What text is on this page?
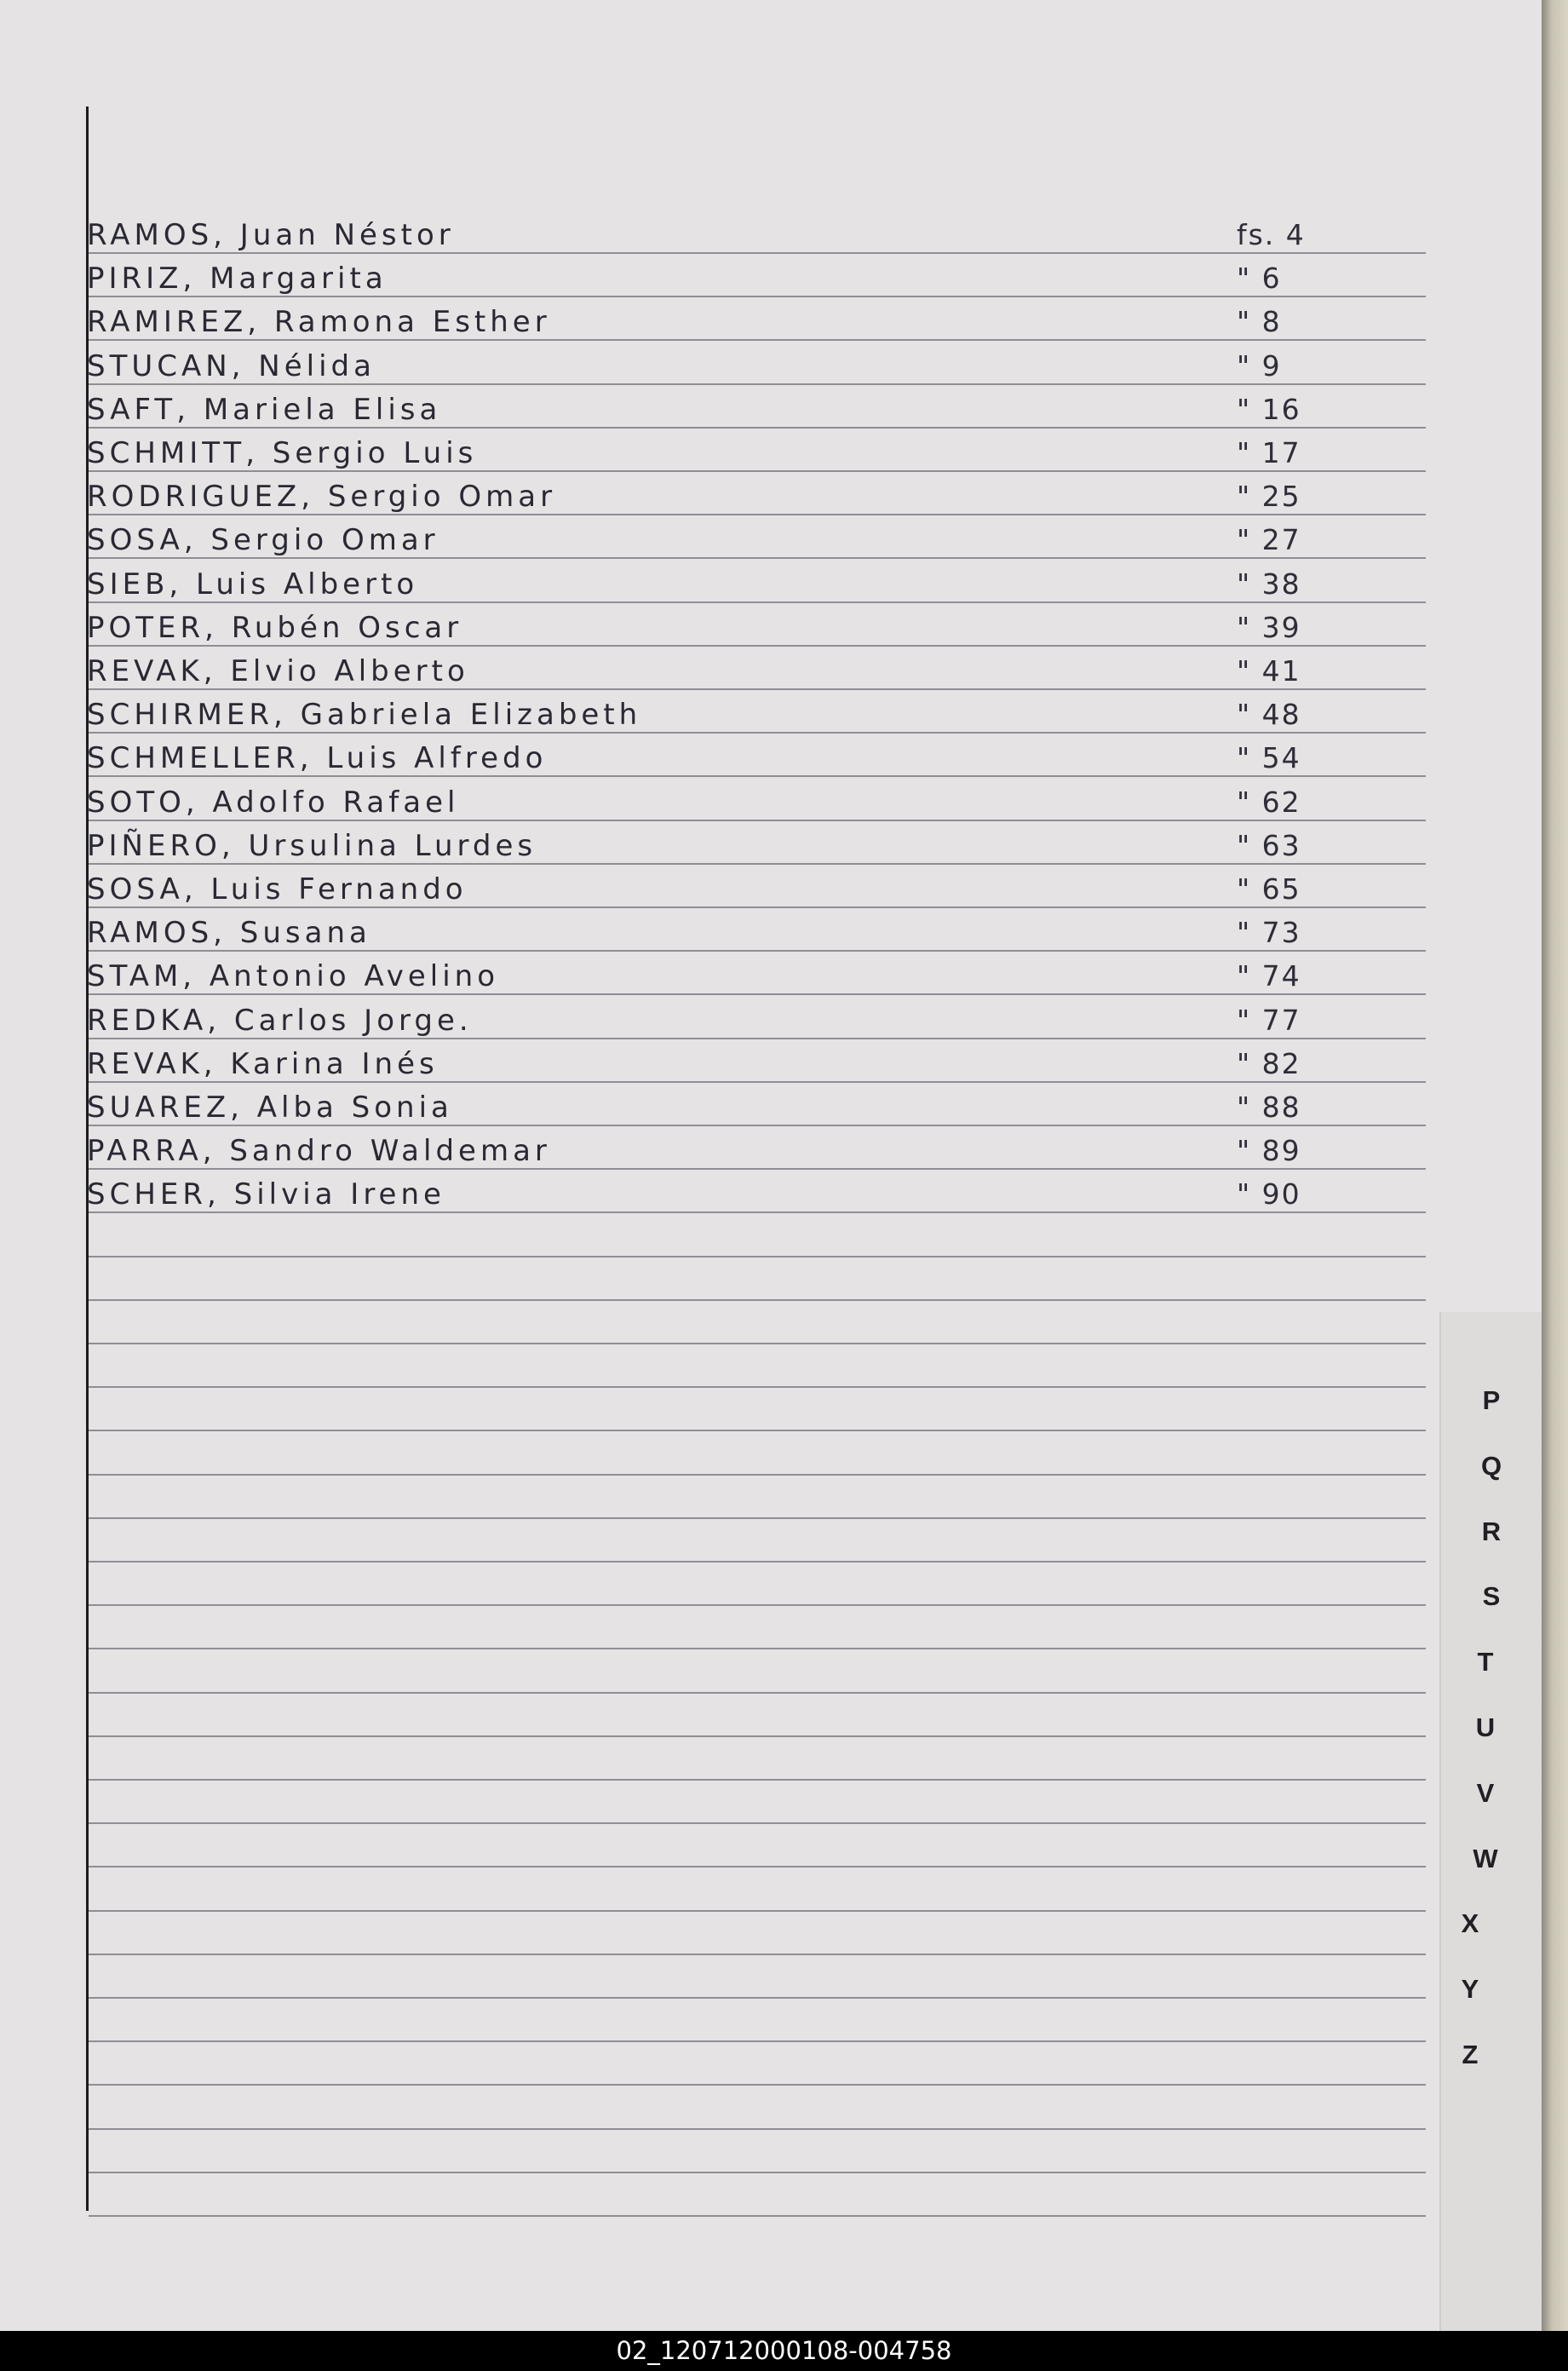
RAMOS, Juan Néstor	fs. 4
PIRIZ, Margarita	" 6
RAMIREZ, Ramona Esther	" 8
STUCAN, Nélida	" 9
SAFT, Mariela Elisa	" 16
SCHMITT, Sergio Luis	" 17
RODRIGUEZ, Sergio Omar	" 25
SOSA, Sergio Omar	" 27
SIEB, Luis Alberto	" 38
POTER, Rubén Oscar	" 39
REVAK, Elvio Alberto	" 41
SCHIRMER, Gabriela Elizabeth	" 48
SCHMELLER, Luis Alfredo	" 54
SOTO, Adolfo Rafael	" 62
PIÑERO, Ursulina Lurdes	" 63
SOSA, Luis Fernando	" 65
RAMOS, Susana	" 73
STAM, Antonio Avelino	" 74
REDKA, Carlos Jorge.	" 77
REVAK, Karina Inés	" 82
SUAREZ, Alba Sonia	" 88
PARRA, Sandro Waldemar	" 89
SCHER, Silvia Irene	" 90
P
Q
R
S
T
U
V
W
X
Y
Z
02_120712000108-004758
